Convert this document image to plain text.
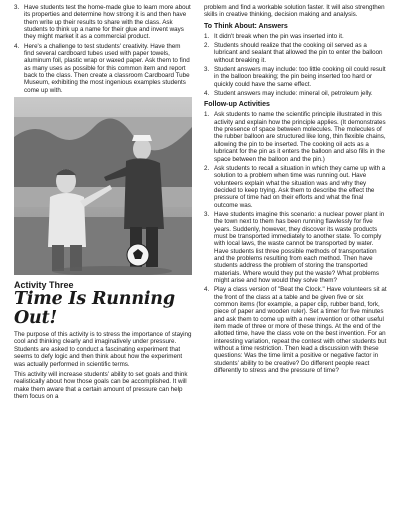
3. Have students test the home-made glue to learn more about its properties and determine how strong it is and then have them write up their results to share with the class. Ask students to think up a name for their glue and invent ways they might market it as a commercial product.
4. Here's a challenge to test students' creativity. Have them find several cardboard tubes used with paper towels, aluminum foil, plastic wrap or waxed paper. Ask them to find as many uses as possible for this common item and report back to the class. Then create a classroom Cardboard Tube Museum, exhibiting the most ingenious examples students come up with.
Activity Three
Time Is Running Out!

The purpose of this activity is to stress the importance of staying cool and thinking clearly and imaginatively under pressure. Students are asked to conduct a fascinating experiment that seems to defy logic and then think about how the experiment was actually performed in scientific terms.

This activity will increase students' ability to set goals and think realistically about how those goals can be accomplished. It will make them aware that a certain amount of pressure can help them focus on a

problem and find a workable solution faster. It will also strengthen skills in creative thinking, decision making and analysis.

To Think About: Answers
1. It didn't break when the pin was inserted into it.
2. Students should realize that the cooking oil served as a lubricant and sealant that allowed the pin to enter the balloon without breaking it.
3. Student answers may include: too little cooking oil could result in the balloon breaking; the pin being inserted too hard or quickly could have the same effect.
4. Student answers may include: mineral oil, petroleum jelly.
Follow-up Activities
1. Ask students to name the scientific principle illustrated in this activity and explain how the principle applies. (It demonstrates the presence of space between molecules. The molecules of the rubber balloon are structured like long, thin flexible chains, allowing the pin to be inserted. The cooking oil acts as a lubricant for the pin as it enters the balloon and also fills in the space between the balloon and the pin.)
2. Ask students to recall a situation in which they came up with a solution to a problem when time was running out. Have volunteers explain what the situation was and why they decided to keep trying. Ask them to describe the effect the pressure of time had on their efforts and what the final outcome was.
3. Have students imagine this scenario: a nuclear power plant in the town next to them has been running flawlessly for five years. Suddenly, however, they discover its waste products must be transported immediately to another state. To comply with local laws, the waste cannot be transported by water. Have students list three possible methods of transportation and the problems resulting from each method. Then have students address the problem of storing the transported materials. Where would they put the waste? What problems might arise and how would they solve them?
4. Play a class version of "Beat the Clock." Have volunteers sit at the front of the class at a table and be given five or six common items (for example, a paper clip, rubber band, fork, piece of paper and wooden ruler). Set a timer for five minutes and ask them to come up with a new invention or other useful item made of three or more of these things. At the end of the allotted time, have the class vote on the best invention. For an interesting variation, repeat the contest with other students but without a time restriction. Then lead a discussion with these questions: Was the time limit a positive or negative factor in students' ability to be creative? Do different people react differently to stress and the pressure of time?
